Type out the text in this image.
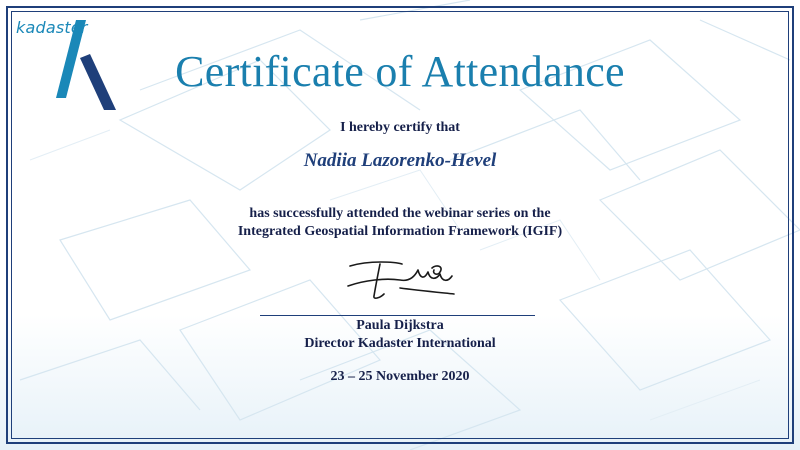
kadaster
Certificate of Attendance
I hereby certify that
Nadiia Lazorenko-Hevel
has successfully attended the webinar series on the
Integrated Geospatial Information Framework (IGIF)
Paula Dijkstra
Director Kadaster International
23 – 25 November 2020
